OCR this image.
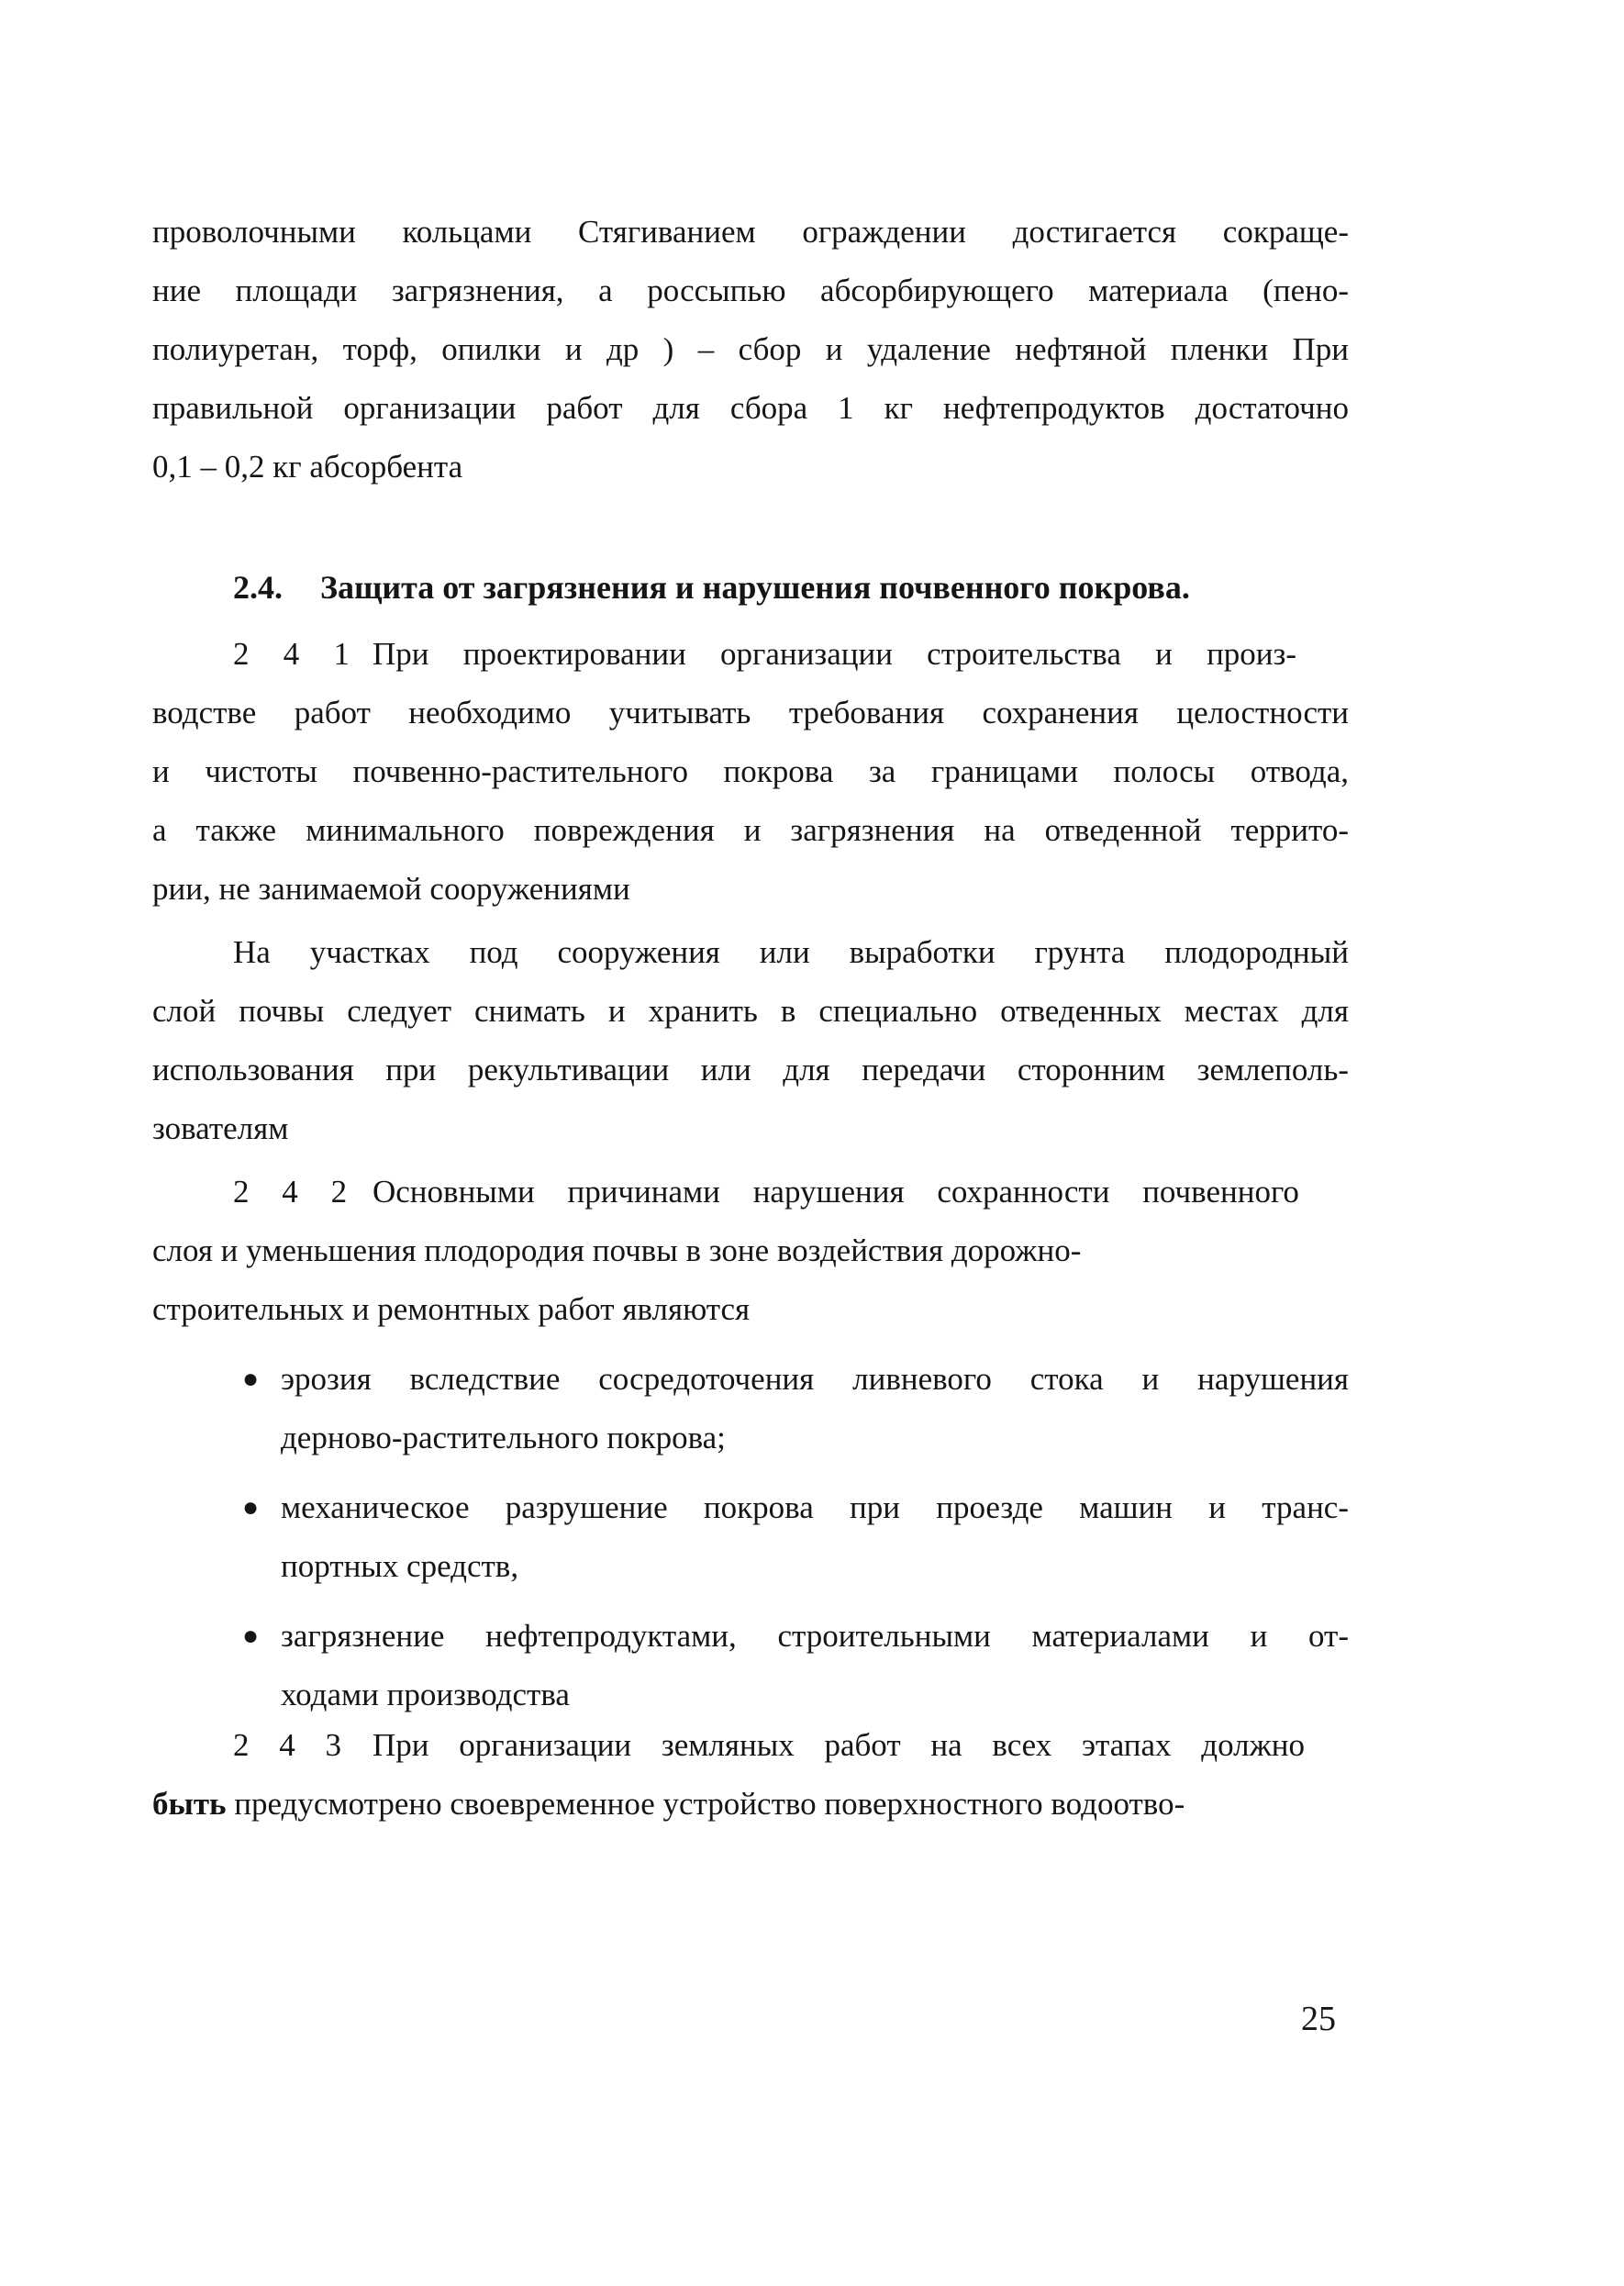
проволочными кольцами Стягиванием ограждении достигается сокраще-
ние площади загрязнения, а россыпью абсорбирующего материала (пено-
полиуретан, торф, опилки и др ) – сбор и удаление нефтяной пленки При
правильной организации работ для сбора 1 кг нефтепродуктов достаточно
0,1 – 0,2 кг абсорбента
2.4. Защита от загрязнения и нарушения почвенного покрова.
2 4 1 При проектировании организации строительства и произ-
водстве работ необходимо учитывать требования сохранения целостности
и чистоты почвенно-растительного покрова за границами полосы отвода,
а также минимального повреждения и загрязнения на отведенной террито-
рии, не занимаемой сооружениями
На участках под сооружения или выработки грунта плодородный
слой почвы следует снимать и хранить в специально отведенных местах для
использования при рекультивации или для передачи сторонним землеполь-
зователям
2 4 2 Основными причинами нарушения сохранности почвенного
слоя и уменьшения плодородия почвы в зоне воздействия дорожно-
строительных и ремонтных работ являются
● эрозия вследствие сосредоточения ливневого стока и нарушения
дерново-растительного покрова;
● механическое разрушение покрова при проезде машин и транс-
портных средств,
● загрязнение нефтепродуктами, строительными материалами и от-
ходами производства
2 4 3 При организации земляных работ на всех этапах должно
быть предусмотрено своевременное устройство поверхностного водоотво-
25
